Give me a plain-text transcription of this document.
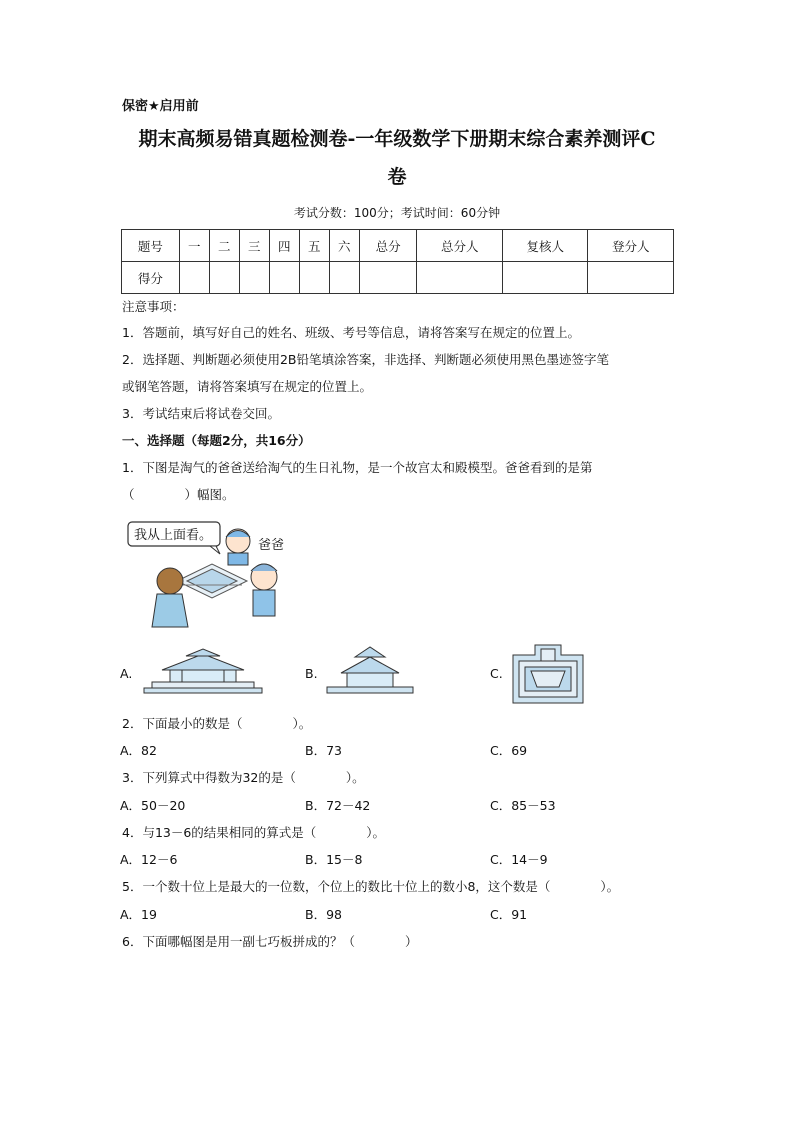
保密★启用前
期末高频易错真题检测卷-一年级数学下册期末综合素养测评C
卷
考试分数：100分；考试时间：60分钟
题号	一	二	三	四	五	六	总分	总分人	复核人	登分人
得分										
注意事项：
1．答题前，填写好自己的姓名、班级、考号等信息，请将答案写在规定的位置上。
2．选择题、判断题必须使用2B铅笔填涂答案，非选择、判断题必须使用黑色墨迹签字笔
或钢笔答题，请将答案填写在规定的位置上。
3．考试结束后将试卷交回。
一、选择题（每题2分，共16分）
1．下图是淘气的爸爸送给淘气的生日礼物，是一个故宫太和殿模型。爸爸看到的是第
（　　　　）幅图。
我从上面看。
爸爸
A.	B.	C.
2．下面最小的数是（　　　　）。
A．82	B．73	C．69
3．下列算式中得数为32的是（　　　　）。
A．50－20	B．72－42	C．85－53
4．与13－6的结果相同的算式是（　　　　）。
A．12－6	B．15－8	C．14－9
5．一个数十位上是最大的一位数，个位上的数比十位上的数小8，这个数是（　　　　）。
A．19	B．98	C．91
6．下面哪幅图是用一副七巧板拼成的？（　　　　）
